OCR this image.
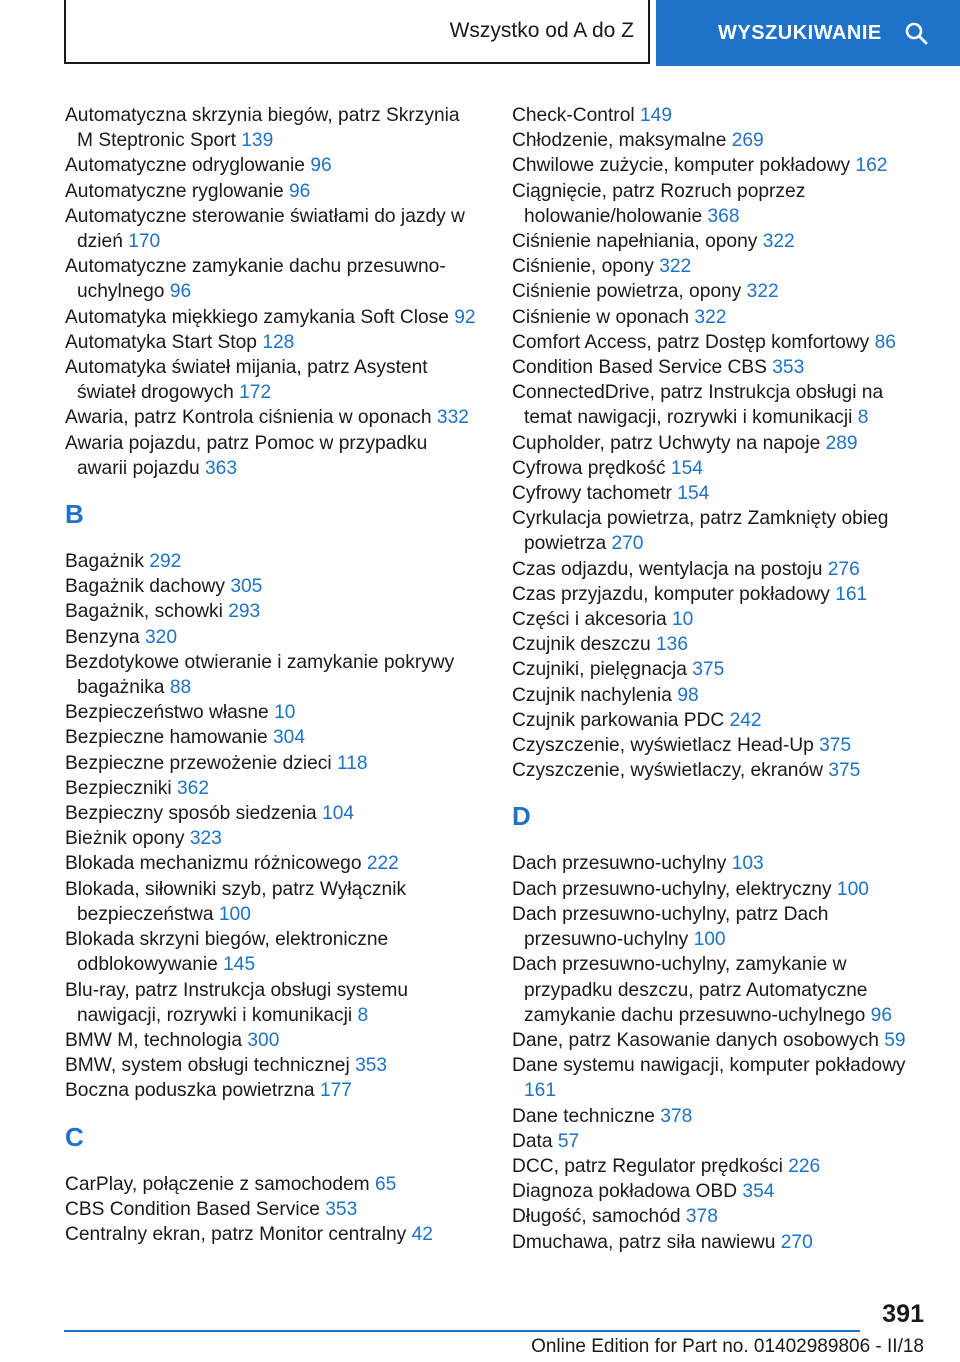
Wszystko od A do Z	WYSZUKIWANIE
Automatyczna skrzynia biegów, patrz Skrzynia M Steptronic Sport 139
Automatyczne odryglowanie 96
Automatyczne ryglowanie 96
Automatyczne sterowanie światłami do jazdy w dzień 170
Automatyczne zamykanie dachu przesuwno-uchylnego 96
Automatyka miękkiego zamykania Soft Close 92
Automatyka Start Stop 128
Automatyka świateł mijania, patrz Asystent świateł drogowych 172
Awaria, patrz Kontrola ciśnienia w oponach 332
Awaria pojazdu, patrz Pomoc w przypadku awarii pojazdu 363
B
Bagażnik 292
Bagażnik dachowy 305
Bagażnik, schowki 293
Benzyna 320
Bezdotykowe otwieranie i zamykanie pokrywy bagażnika 88
Bezpieczeństwo własne 10
Bezpieczne hamowanie 304
Bezpieczne przewożenie dzieci 118
Bezpieczniki 362
Bezpieczny sposób siedzenia 104
Bieżnik opony 323
Blokada mechanizmu różnicowego 222
Blokada, siłowniki szyb, patrz Wyłącznik bezpieczeństwa 100
Blokada skrzyni biegów, elektroniczne odblokowywanie 145
Blu-ray, patrz Instrukcja obsługi systemu nawigacji, rozrywki i komunikacji 8
BMW M, technologia 300
BMW, system obsługi technicznej 353
Boczna poduszka powietrzna 177
C
CarPlay, połączenie z samochodem 65
CBS Condition Based Service 353
Centralny ekran, patrz Monitor centralny 42
Check-Control 149
Chłodzenie, maksymalne 269
Chwilowe zużycie, komputer pokładowy 162
Ciągnięcie, patrz Rozruch poprzez holowanie/holowanie 368
Ciśnienie napełniania, opony 322
Ciśnienie, opony 322
Ciśnienie powietrza, opony 322
Ciśnienie w oponach 322
Comfort Access, patrz Dostęp komfortowy 86
Condition Based Service CBS 353
ConnectedDrive, patrz Instrukcja obsługi na temat nawigacji, rozrywki i komunikacji 8
Cupholder, patrz Uchwyty na napoje 289
Cyfrowa prędkość 154
Cyfrowy tachometr 154
Cyrkulacja powietrza, patrz Zamknięty obieg powietrza 270
Czas odjazdu, wentylacja na postoju 276
Czas przyjazdu, komputer pokładowy 161
Części i akcesoria 10
Czujnik deszczu 136
Czujniki, pielęgnacja 375
Czujnik nachylenia 98
Czujnik parkowania PDC 242
Czyszczenie, wyświetlacz Head-Up 375
Czyszczenie, wyświetlaczy, ekranów 375
D
Dach przesuwno-uchylny 103
Dach przesuwno-uchylny, elektryczny 100
Dach przesuwno-uchylny, patrz Dach przesuwno-uchylny 100
Dach przesuwno-uchylny, zamykanie w przypadku deszczu, patrz Automatyczne zamykanie dachu przesuwno-uchylnego 96
Dane, patrz Kasowanie danych osobowych 59
Dane systemu nawigacji, komputer pokładowy 161
Dane techniczne 378
Data 57
DCC, patrz Regulator prędkości 226
Diagnoza pokładowa OBD 354
Długość, samochód 378
Dmuchawa, patrz siła nawiewu 270
391
Online Edition for Part no. 01402989806 - II/18
